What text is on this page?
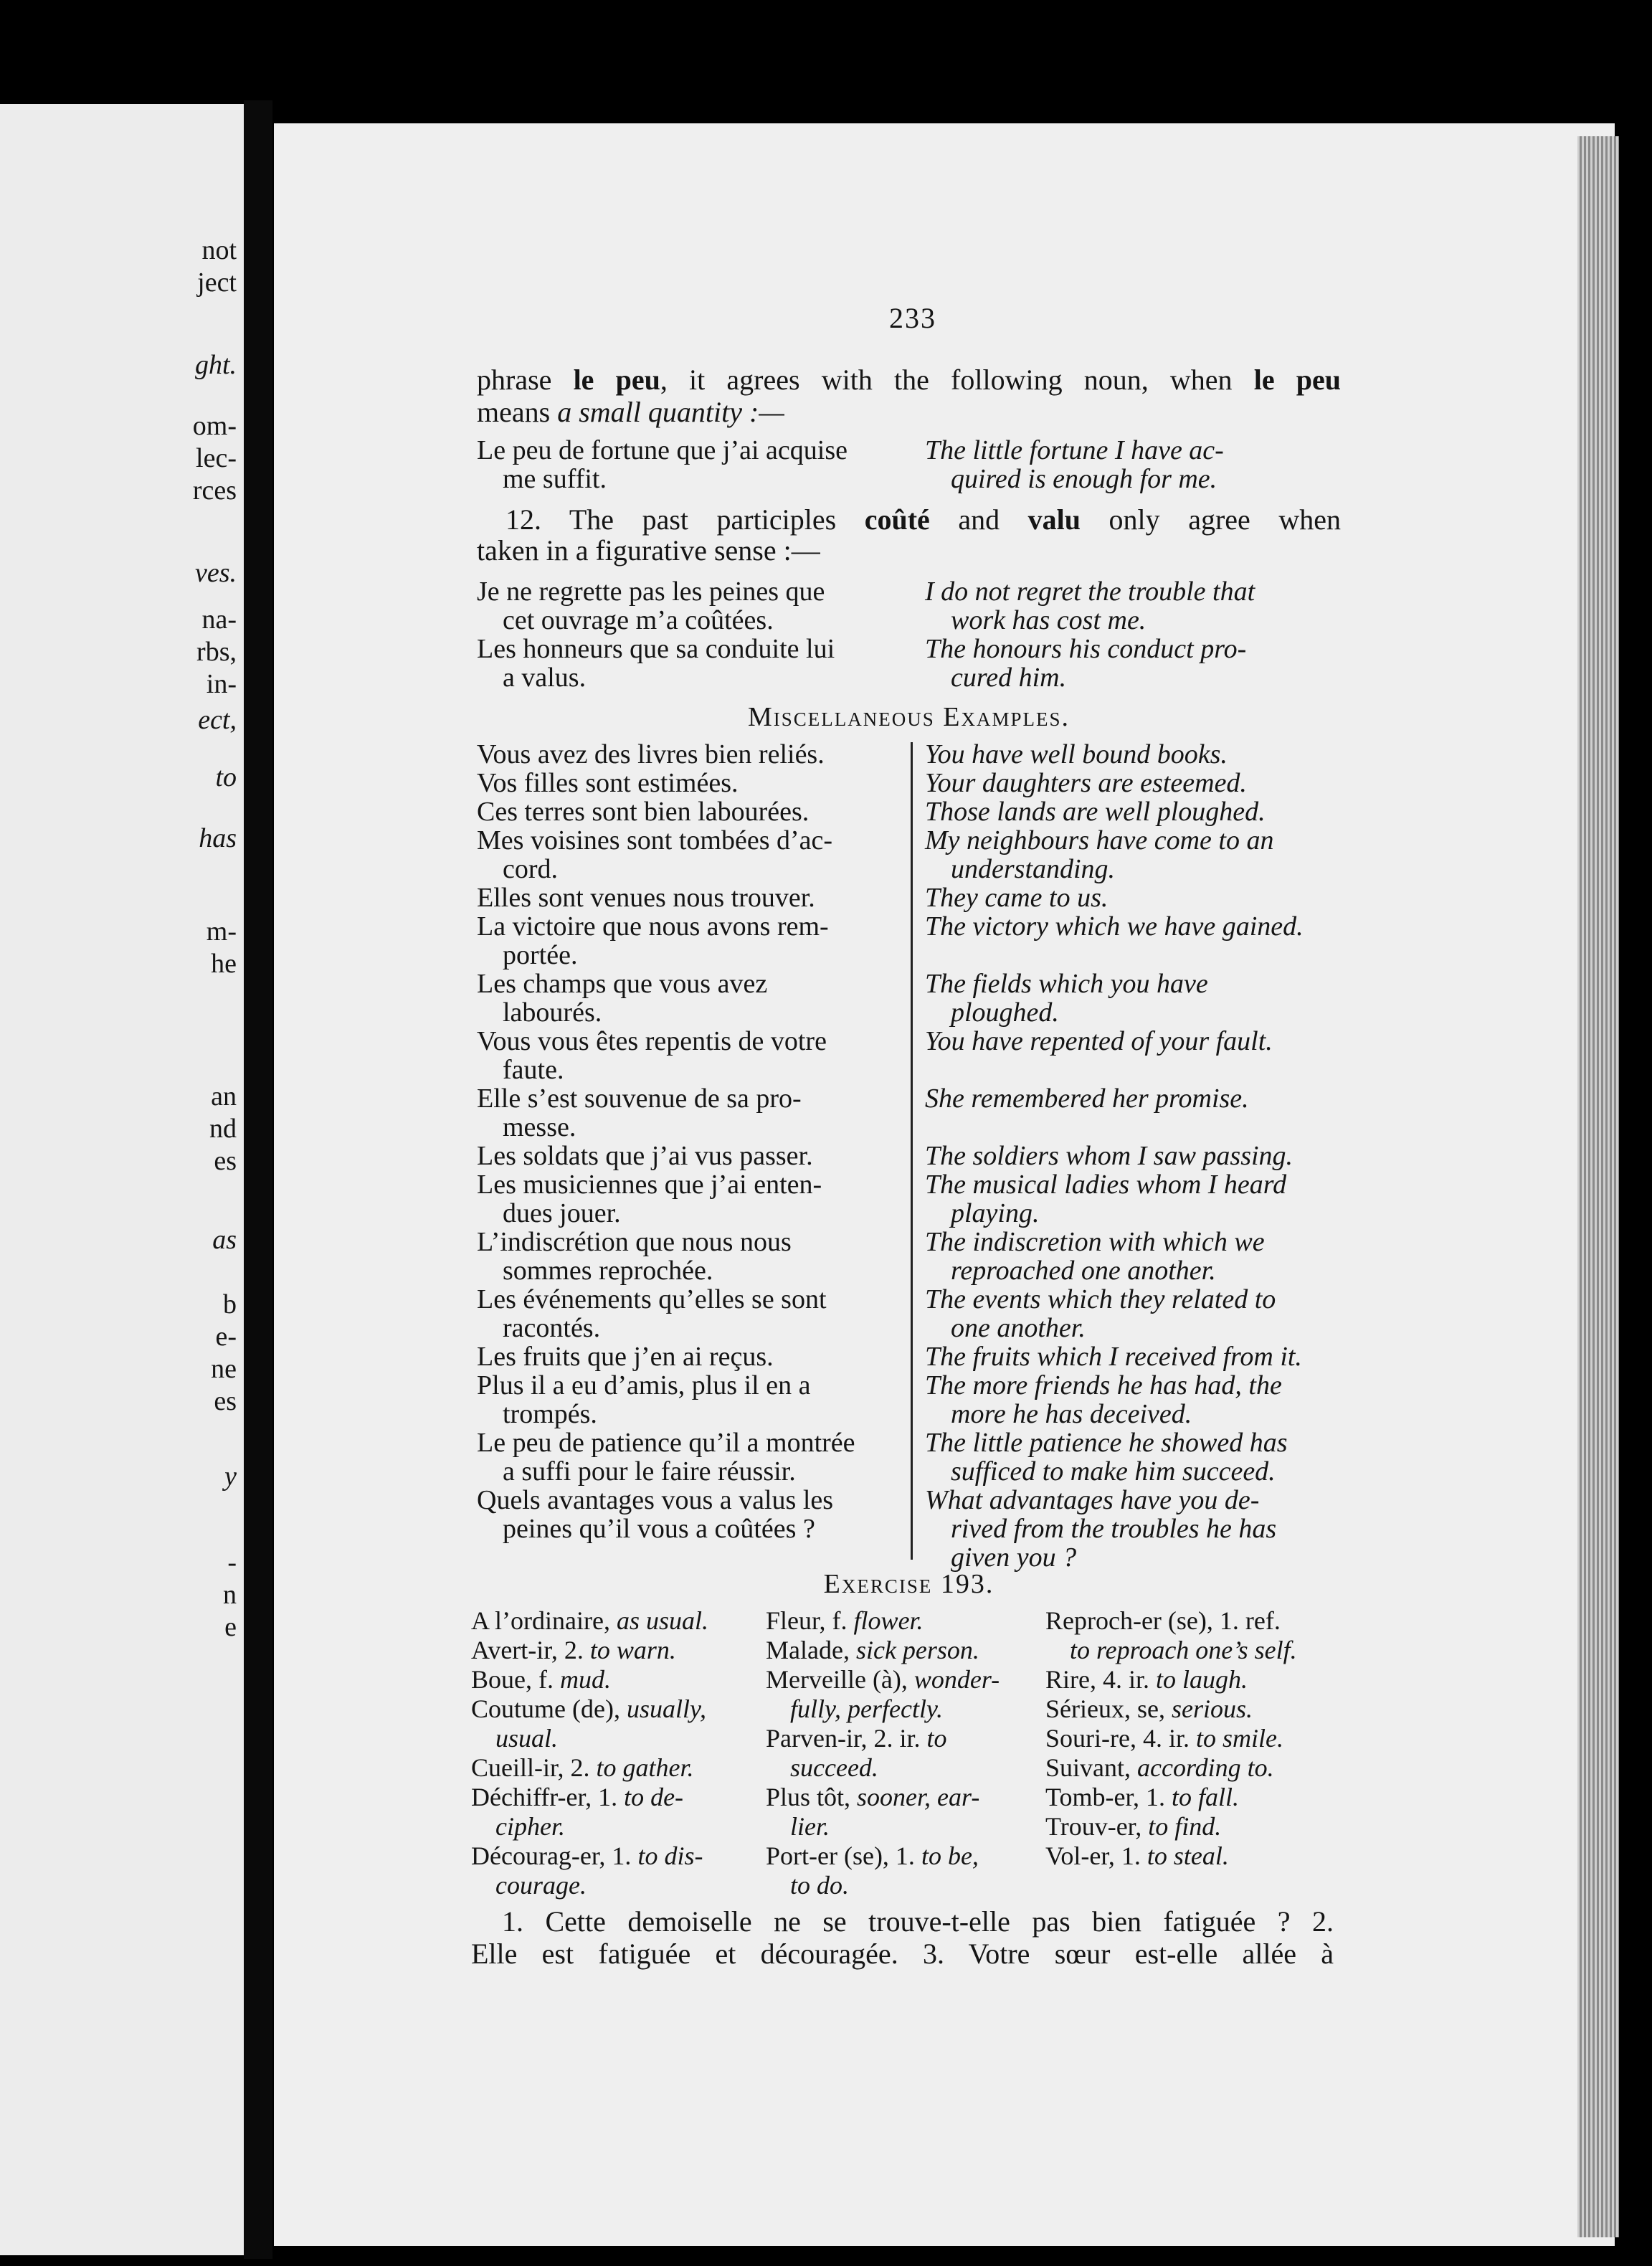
not
ject
ght.
om-
lec-
rces
ves.
na-
rbs,
in-
ect,
to
has
m-
he
an
nd
es
as
b
e-
ne
es
y
-
n
e
233
phrase le peu, it agrees with the following noun, when le peu
means a small quantity :—
Le peu de fortune que j’ai acquise
me suffit.
The little fortune I have ac-
quired is enough for me.
12. The past participles coûté and valu only agree when
taken in a figurative sense :—
Je ne regrette pas les peines que
cet ouvrage m’a coûtées.
I do not regret the trouble that
work has cost me.
Les honneurs que sa conduite lui
a valus.
The honours his conduct pro-
cured him.
Miscellaneous Examples.
Vous avez des livres bien reliés.
Vos filles sont estimées.
Ces terres sont bien labourées.
Mes voisines sont tombées d’ac-
cord.
Elles sont venues nous trouver.
La victoire que nous avons rem-
portée.
Les champs que vous avez
labourés.
Vous vous êtes repentis de votre
faute.
Elle s’est souvenue de sa pro-
messe.
Les soldats que j’ai vus passer.
Les musiciennes que j’ai enten-
dues jouer.
L’indiscrétion que nous nous
sommes reprochée.
Les événements qu’elles se sont
racontés.
Les fruits que j’en ai reçus.
Plus il a eu d’amis, plus il en a
trompés.
Le peu de patience qu’il a montrée
a suffi pour le faire réussir.
Quels avantages vous a valus les
peines qu’il vous a coûtées ?

You have well bound books.
Your daughters are esteemed.
Those lands are well ploughed.
My neighbours have come to an
understanding.
They came to us.
The victory which we have gained.

The fields which you have
ploughed.
You have repented of your fault.

She remembered her promise.

The soldiers whom I saw passing.
The musical ladies whom I heard
playing.
The indiscretion with which we
reproached one another.
The events which they related to
one another.
The fruits which I received from it.
The more friends he has had, the
more he has deceived.
The little patience he showed has
sufficed to make him succeed.
What advantages have you de-
rived from the troubles he has
given you ?
Exercise 193.
A l’ordinaire, as usual.
Avert-ir, 2. to warn.
Boue, f. mud.
Coutume (de), usually,
usual.
Cueill-ir, 2. to gather.
Déchiffr-er, 1. to de-
cipher.
Décourag-er, 1. to dis-
courage.
Fleur, f. flower.
Malade, sick person.
Merveille (à), wonder-
fully, perfectly.
Parven-ir, 2. ir. to
succeed.
Plus tôt, sooner, ear-
lier.
Port-er (se), 1. to be,
to do.
Reproch-er (se), 1. ref.
to reproach one’s self.
Rire, 4. ir. to laugh.
Sérieux, se, serious.
Souri-re, 4. ir. to smile.
Suivant, according to.
Tomb-er, 1. to fall.
Trouv-er, to find.
Vol-er, 1. to steal.
1. Cette demoiselle ne se trouve-t-elle pas bien fatiguée ? 2.
Elle est fatiguée et découragée. 3. Votre sœur est-elle allée à
